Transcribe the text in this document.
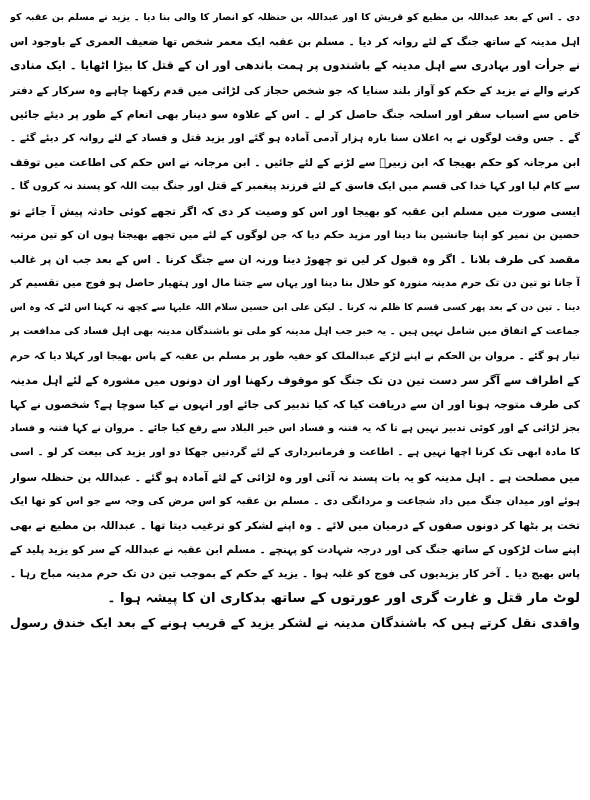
دی ۔ اس کے بعد عبداللہ بن مطیع کو قریش کا اور عبداللہ بن حنظلہ کو انصار کا والی بنا دیا ۔ یزید نے مسلم بن عقبہ کو
اہل مدینہ کے ساتھ جنگ کے لئے روانہ کر دیا ۔ مسلم بن عقبہ ایک معمر شخص تھا ضعیف العمری کے باوجود اس
نے جرأت اور بہادری سے اہل مدینہ کے باشندوں پر ہمت باندھی اور ان کے قتل کا بیڑا اٹھایا ۔ ایک منادی
کرنے والے نے یزید کے حکم کو آواز بلند سنایا کہ جو شخص حجاز کی لڑائی میں قدم رکھنا چاہے وہ سرکار کے دفتر
خاص سے اسباب سفر اور اسلحہ جنگ حاصل کر لے ۔ اس کے علاوہ سو دینار بھی انعام کے طور پر دیئے جائیں
گے ۔ جس وقت لوگوں نے یہ اعلان سنا بارہ ہزار آدمی آمادہ ہو گئے اور یزید قتل و فساد کے لئے روانہ کر دیئے گئے ۔
ابن مرجانہ کو حکم بھیجا کہ ابن زبیرؓ سے لڑنے کے لئے جائیں ۔ ابن مرجانہ نے اس حکم کی اطاعت میں توقف
سے کام لیا اور کہا خدا کی قسم میں ایک فاسق کے لئے فرزند پیغمبر کے قتل اور جنگ بیت اللہ کو پسند نہ کروں گا ۔
ایسی صورت میں مسلم ابن عقبہ کو بھیجا اور اس کو وصیت کر دی کہ اگر تجھے کوئی حادثہ پیش آ جائے تو
حصین بن نمیر کو اپنا جانشین بنا دینا اور مزید حکم دیا کہ جن لوگوں کے لئے میں تجھے بھیجتا ہوں ان کو تین مرتبہ
مقصد کی طرف بلانا ۔ اگر وہ قبول کر لیں تو چھوڑ دینا ورنہ ان سے جنگ کرنا ۔ اس کے بعد جب ان پر غالب
آ جانا تو تین دن تک حرم مدینہ منورہ کو حلال بنا دینا اور یہاں سے جتنا مال اور ہتھیار حاصل ہو فوج میں تقسیم کر
دینا ۔ تین دن کے بعد پھر کسی قسم کا ظلم نہ کرنا ۔ لیکن علی ابن حسین سلام اللہ علیہا سے کچھ نہ کہنا اس لئے کہ وہ اس
جماعت کے اتفاق میں شامل نہیں ہیں ۔ یہ خبر جب اہل مدینہ کو ملی تو باشندگان مدینہ بھی اہل فساد کی مدافعت پر
تیار ہو گئے ۔ مروان بن الحکم نے اپنے لڑکے عبدالملک کو خفیہ طور پر مسلم بن عقبہ کے پاس بھیجا اور کہلا دیا کہ حرم
کے اطراف سے آگر سر دست تین دن تک جنگ کو موقوف رکھنا اور ان دونوں میں مشورہ کے لئے اہل مدینہ
کی طرف متوجہ ہونا اور ان سے دریافت کیا کہ کیا تدبیر کی جائے اور انہوں نے کیا سوچا ہے؟ شخصوں نے کہا
بجز لڑائی کے اور کوئی تدبیر نہیں ہے تا کہ یہ فتنہ و فساد اس خیر البلاد سے رفع کیا جائے ۔ مروان نے کہا فتنہ و فساد
کا مادہ ابھی تک کرنا اچھا نہیں ہے ۔ اطاعت و فرمانبرداری کے لئے گردنیں جھکا دو اور یزید کی بیعت کر لو ۔ اسی
میں مصلحت ہے ۔ اہل مدینہ کو یہ بات پسند نہ آئی اور وہ لڑائی کے لئے آمادہ ہو گئے ۔ عبداللہ بن حنظلہ سوار
ہوئے اور میدان جنگ میں داد شجاعت و مردانگی دی ۔ مسلم بن عقبہ کو اس مرض کی وجہ سے جو اس کو تھا ایک
تخت پر بٹھا کر دونوں صفوں کے درمیان میں لائے ۔ وہ اپنے لشکر کو ترغیب دیتا تھا ۔ عبداللہ بن مطیع نے بھی
اپنے سات لڑکوں کے ساتھ جنگ کی اور درجہ شہادت کو پہنچے ۔ مسلم ابن عقبہ نے عبداللہ کے سر کو یزید پلید کے
پاس بھیج دیا ۔ آخر کار یزیدیوں کی فوج کو غلبہ ہوا ۔ یزید کے حکم کے بموجب تین دن تک حرم مدینہ مباح رہا ۔
لوٹ مار قتل و غارت گری اور عورتوں کے ساتھ بدکاری ان کا پیشہ ہوا ۔
واقدی نقل کرتے ہیں کہ باشندگان مدینہ نے لشکر یزید کے قریب ہونے کے بعد ایک خندق رسول
